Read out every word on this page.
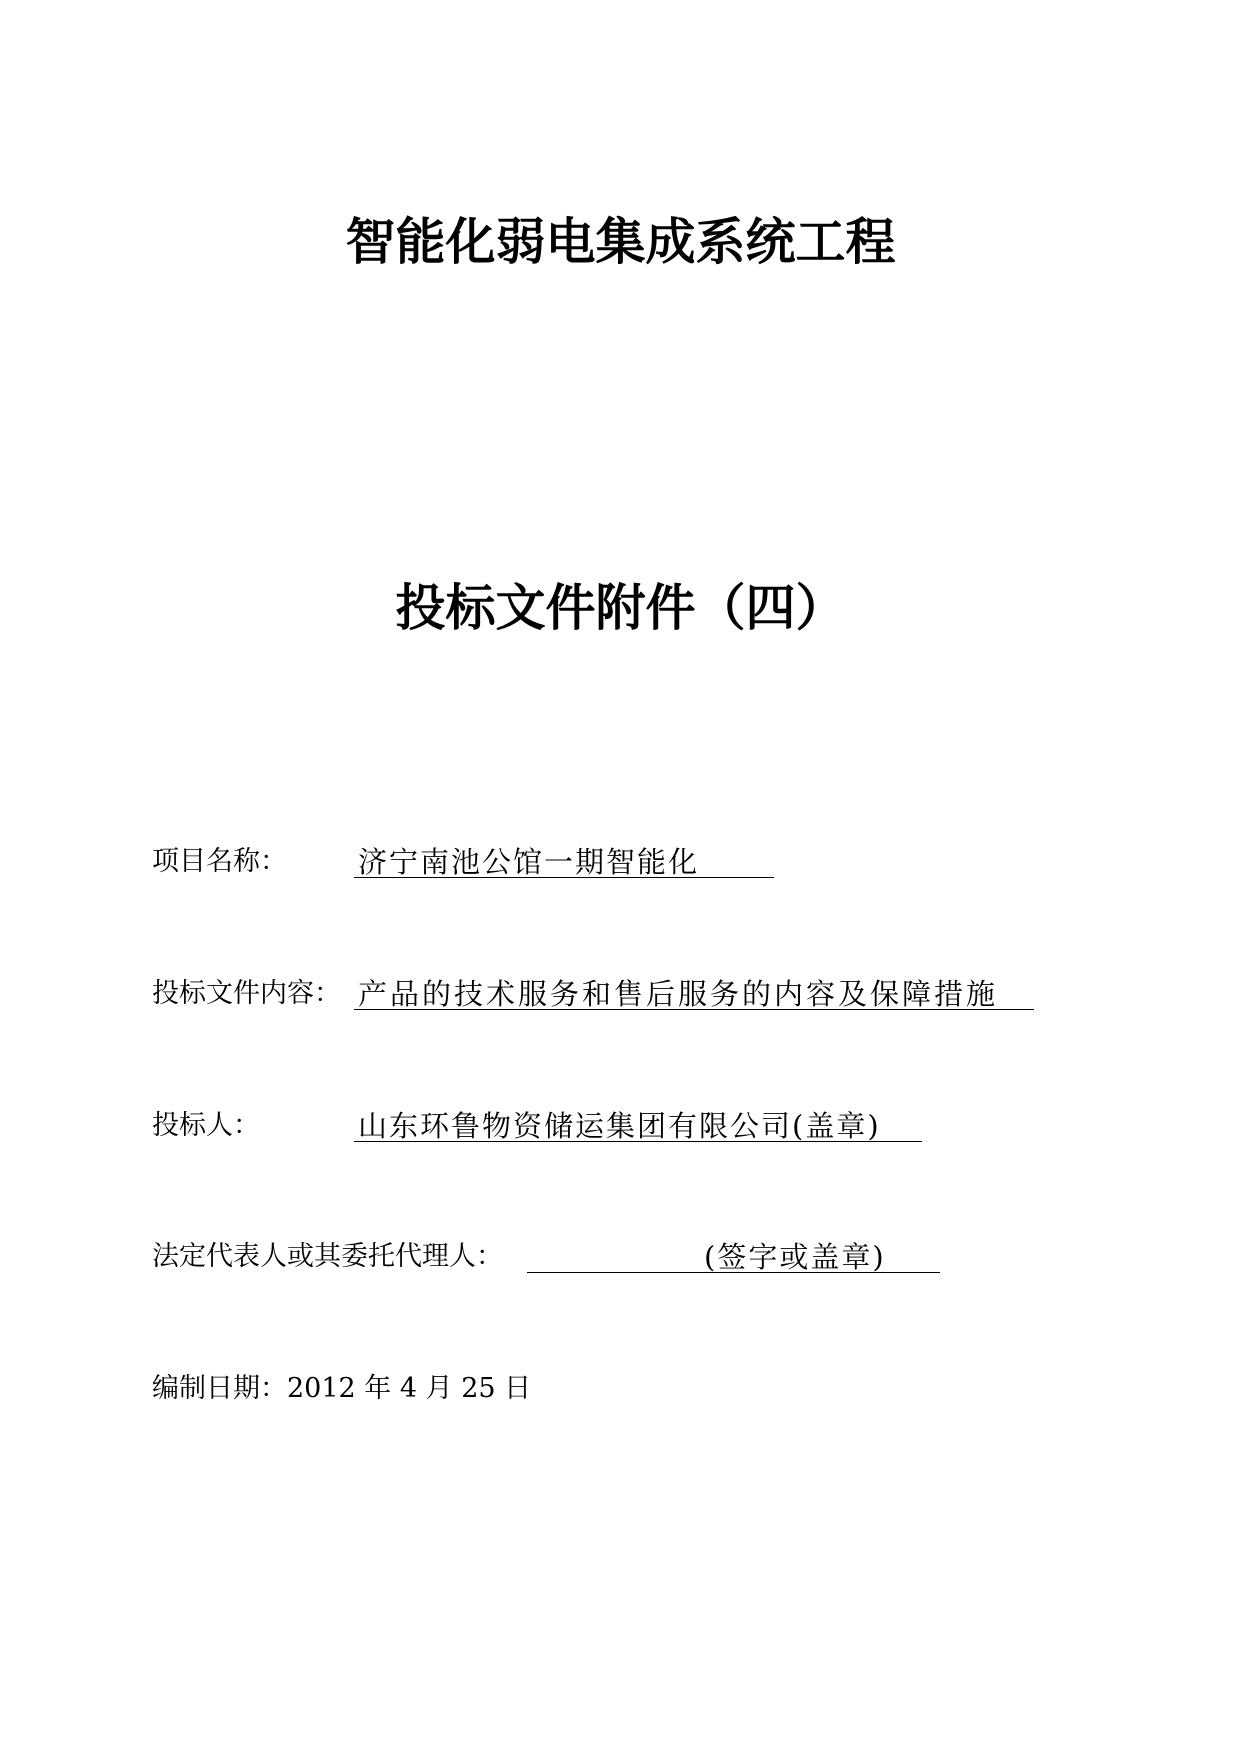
智能化弱电集成系统工程
投标文件附件（四）
项目名称： 济宁南池公馆一期智能化
投标文件内容： 产品的技术服务和售后服务的内容及保障措施
投标人：	山东环鲁物资储运集团有限公司(盖章)
法定代表人或其委托代理人：	(签字或盖章)
编制日期：2012 年 4 月 25 日
